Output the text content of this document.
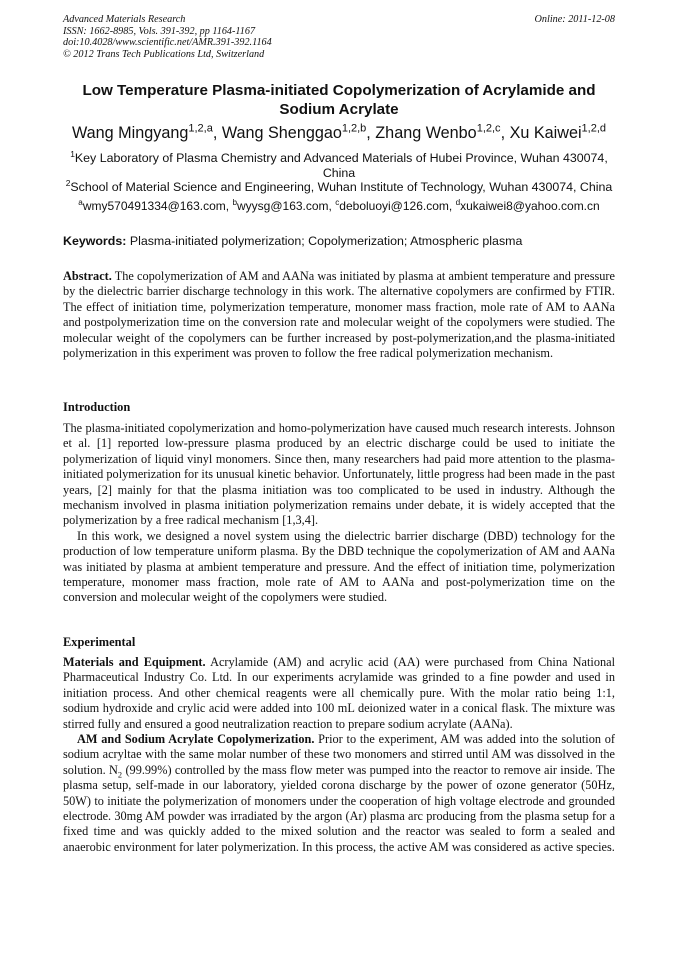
Advanced Materials Research
ISSN: 1662-8985, Vols. 391-392, pp 1164-1167
doi:10.4028/www.scientific.net/AMR.391-392.1164
© 2012 Trans Tech Publications Ltd, Switzerland
Online: 2011-12-08
Low Temperature Plasma-initiated Copolymerization of Acrylamide and Sodium Acrylate
Wang Mingyang$^{1,2,a}$, Wang Shenggao$^{1,2,b}$, Zhang Wenbo$^{1,2,c}$, Xu Kaiwei$^{1,2,d}$
$^1$Key Laboratory of Plasma Chemistry and Advanced Materials of Hubei Province, Wuhan 430074, China
$^2$School of Material Science and Engineering, Wuhan Institute of Technology, Wuhan 430074, China
$^a$wmy570491334@163.com, $^b$wyysg@163.com, $^c$deboluoyi@126.com, $^d$xukaiwei8@yahoo.com.cn
Keywords: Plasma-initiated polymerization; Copolymerization; Atmospheric plasma

Abstract. The copolymerization of AM and AANa was initiated by plasma at ambient temperature and pressure by the dielectric barrier discharge technology in this work. The alternative copolymers are confirmed by FTIR. The effect of initiation time, polymerization temperature, monomer mass fraction, mole rate of AM to AANa and postpolymerization time on the conversion rate and molecular weight of the copolymers were studied. The molecular weight of the copolymers can be further increased by post-polymerization,and the plasma-initiated polymerization in this experiment was proven to follow the free radical polymerization mechanism.

Introduction

The plasma-initiated copolymerization and homo-polymerization have caused much research interests. Johnson et al. [1] reported low-pressure plasma produced by an electric discharge could be used to initiate the polymerization of liquid vinyl monomers. Since then, many researchers had paid more attention to the plasma-initiated polymerization for its unusual kinetic behavior. Unfortunately, little progress had been made in the past years, [2] mainly for that the plasma initiation was too complicated to be used in industry. Although the mechanism involved in plasma initiation polymerization remains under debate, it is widely accepted that the polymerization by a free radical mechanism [1,3,4].

In this work, we designed a novel system using the dielectric barrier discharge (DBD) technology for the production of low temperature uniform plasma. By the DBD technique the copolymerization of AM and AANa was initiated by plasma at ambient temperature and pressure. And the effect of initiation time, polymerization temperature, monomer mass fraction, mole rate of AM to AANa and post-polymerization time on the conversion and molecular weight of the copolymers were studied.

Experimental

Materials and Equipment. Acrylamide (AM) and acrylic acid (AA) were purchased from China National Pharmaceutical Industry Co. Ltd. In our experiments acrylamide was grinded to a fine powder and used in initiation process. And other chemical reagents were all chemically pure. With the molar ratio being 1:1, sodium hydroxide and crylic acid were added into 100 mL deionized water in a conical flask. The mixture was stirred fully and ensured a good neutralization reaction to prepare sodium acrylate (AANa).

AM and Sodium Acrylate Copolymerization. Prior to the experiment, AM was added into the solution of sodium acryltae with the same molar number of these two monomers and stirred until AM was dissolved in the solution. $N_2$ (99.99%) controlled by the mass flow meter was pumped into the reactor to remove air inside. The plasma setup, self-made in our laboratory, yielded corona discharge by the power of ozone generator (50Hz, 50W) to initiate the polymerization of monomers under the cooperation of high voltage electrode and grounded electrode. 30mg AM powder was irradiated by the argon (Ar) plasma arc producing from the plasma setup for a fixed time and was quickly added to the mixed solution and the reactor was sealed to form a sealed and anaerobic environment for later polymerization. In this process, the active AM was considered as active species.
